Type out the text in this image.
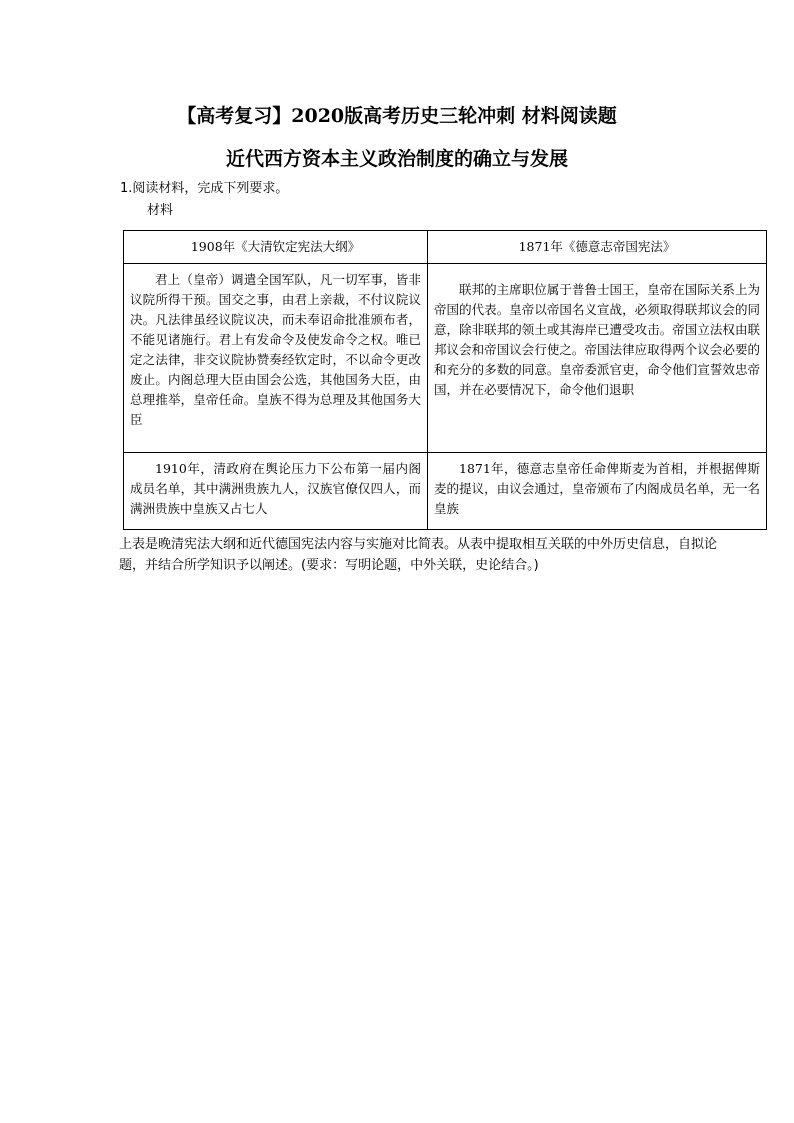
【高考复习】2020版高考历史三轮冲刺 材料阅读题
近代西方资本主义政治制度的确立与发展
1.阅读材料，完成下列要求。
材料
1908年《大清钦定宪法大纲》	1871年《德意志帝国宪法》

君上（皇帝）调遣全国军队，凡一切军事，皆非议院所得干预。国交之事，由君上亲裁，不付议院议决。凡法律虽经议院议决，而未奉诏命批准颁布者，不能见诸施行。君上有发命令及使发命令之权。唯已定之法律，非交议院协赞奏经钦定时，不以命令更改废止。内阁总理大臣由国会公选，其他国务大臣，由总理推举，皇帝任命。皇族不得为总理及其他国务大臣	联邦的主席职位属于普鲁士国王，皇帝在国际关系上为帝国的代表。皇帝以帝国名义宣战，必须取得联邦议会的同意，除非联邦的领土或其海岸已遭受攻击。帝国立法权由联邦议会和帝国议会行使之。帝国法律应取得两个议会必要的和充分的多数的同意。皇帝委派官吏，命令他们宣誓效忠帝国，并在必要情况下，命令他们退职

1910年，清政府在舆论压力下公布第一届内阁成员名单，其中满洲贵族九人，汉族官僚仅四人，而满洲贵族中皇族又占七人	1871年，德意志皇帝任命俾斯麦为首相，并根据俾斯麦的提议，由议会通过，皇帝颁布了内阁成员名单，无一名皇族
上表是晚清宪法大纲和近代德国宪法内容与实施对比简表。从表中提取相互关联的中外历史信息，自拟论题，并结合所学知识予以阐述。(要求：写明论题，中外关联，史论结合。)
